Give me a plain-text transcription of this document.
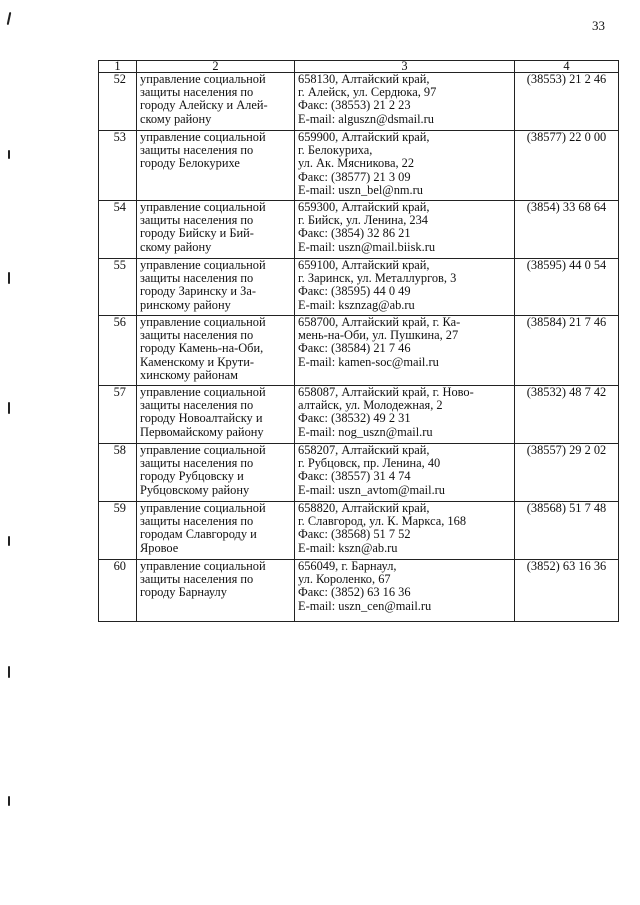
33
1	2	3	4
52	управление социальной
защиты населения по
городу Алейску и Алей-
скому району	658130, Алтайский край,
г. Алейск, ул. Сердюка, 97
Факс: (38553) 21 2 23
E-mail: alguszn@dsmail.ru	(38553) 21 2 46
53	управление социальной
защиты населения по
городу Белокурихе	659900, Алтайский край,
г. Белокуриха,
ул. Ак. Мясникова, 22
Факс: (38577) 21 3 09
E-mail: uszn_bel@nm.ru	(38577) 22 0 00
54	управление социальной
защиты населения по
городу Бийску и Бий-
скому району	659300, Алтайский край,
г. Бийск, ул. Ленина, 234
Факс: (3854) 32 86 21
E-mail: uszn@mail.biisk.ru	(3854) 33 68 64
55	управление социальной
защиты населения по
городу Заринску и За-
ринскому району	659100, Алтайский край,
г. Заринск, ул. Металлургов, 3
Факс: (38595) 44 0 49
E-mail: ksznzag@ab.ru	(38595) 44 0 54
56	управление социальной
защиты населения по
городу Камень-на-Оби,
Каменскому и Крути-
хинскому районам	658700, Алтайский край, г. Ка-
мень-на-Оби, ул. Пушкина, 27
Факс: (38584) 21 7 46
E-mail: kamen-soc@mail.ru	(38584) 21 7 46
57	управление социальной
защиты населения по
городу Новоалтайску и
Первомайскому району	658087, Алтайский край, г. Ново-
алтайск, ул. Молодежная, 2
Факс: (38532) 49 2 31
E-mail: nog_uszn@mail.ru	(38532) 48 7 42
58	управление социальной
защиты населения по
городу Рубцовску и
Рубцовскому району	658207, Алтайский край,
г. Рубцовск, пр. Ленина, 40
Факс: (38557) 31 4 74
E-mail: uszn_avtom@mail.ru	(38557) 29 2 02
59	управление социальной
защиты населения по
городам Славгороду и
Яровое	658820, Алтайский край,
г. Славгород, ул. К. Маркса, 168
Факс: (38568) 51 7 52
E-mail: kszn@ab.ru	(38568) 51 7 48
60	управление социальной
защиты населения по
городу Барнаулу	656049, г. Барнаул,
ул. Короленко, 67
Факс: (3852) 63 16 36
E-mail: uszn_cen@mail.ru	(3852) 63 16 36
